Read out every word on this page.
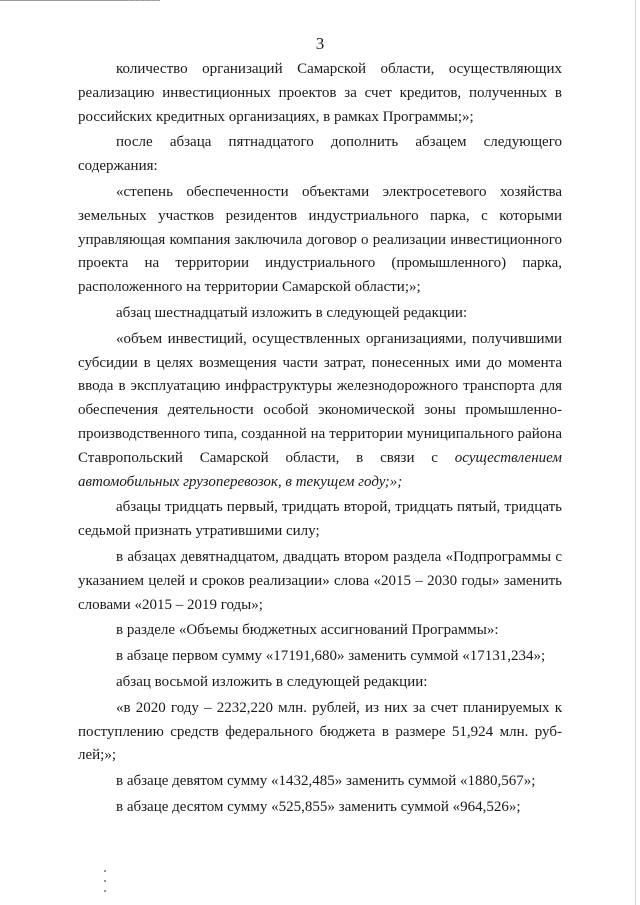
3

количество организаций Самарской области, осуществляющих реализацию инвестиционных проектов за счет кредитов, полученных в российских кредитных организациях, в рамках Программы;»;

после абзаца пятнадцатого дополнить абзацем следующего содержания:

«степень обеспеченности объектами электросетевого хозяйства земельных участков резидентов индустриального парка, с которыми управляющая компания заключила договор о реализации инвестиционного проекта на территории индустриального (промышленного) парка, расположенного на территории Самарской области;»;

абзац шестнадцатый изложить в следующей редакции:

«объем инвестиций, осуществленных организациями, получившими субсидии в целях возмещения части затрат, понесенных ими до момента ввода в эксплуатацию инфраструктуры железнодорожного транспорта для обеспечения деятельности особой экономической зоны промышленно-производственного типа, созданной на территории муниципального района Ставропольский Самарской области, в связи с осуществлением автомобильных грузоперевозок, в текущем году;»;

абзацы тридцать первый, тридцать второй, тридцать пятый, тридцать седьмой признать утратившими силу;

в абзацах девятнадцатом, двадцать втором раздела «Подпрограммы с указанием целей и сроков реализации» слова «2015 – 2030 годы» заменить словами «2015 – 2019 годы»;

в разделе «Объемы бюджетных ассигнований Программы»:

в абзаце первом сумму «17191,680» заменить суммой «17131,234»;

абзац восьмой изложить в следующей редакции:

«в 2020 году – 2232,220 млн. рублей, из них за счет планируемых к поступлению средств федерального бюджета в размере 51,924 млн. руб-лей;»;

в абзаце девятом сумму «1432,485» заменить суммой «1880,567»;

в абзаце десятом сумму «525,855» заменить суммой «964,526»;
